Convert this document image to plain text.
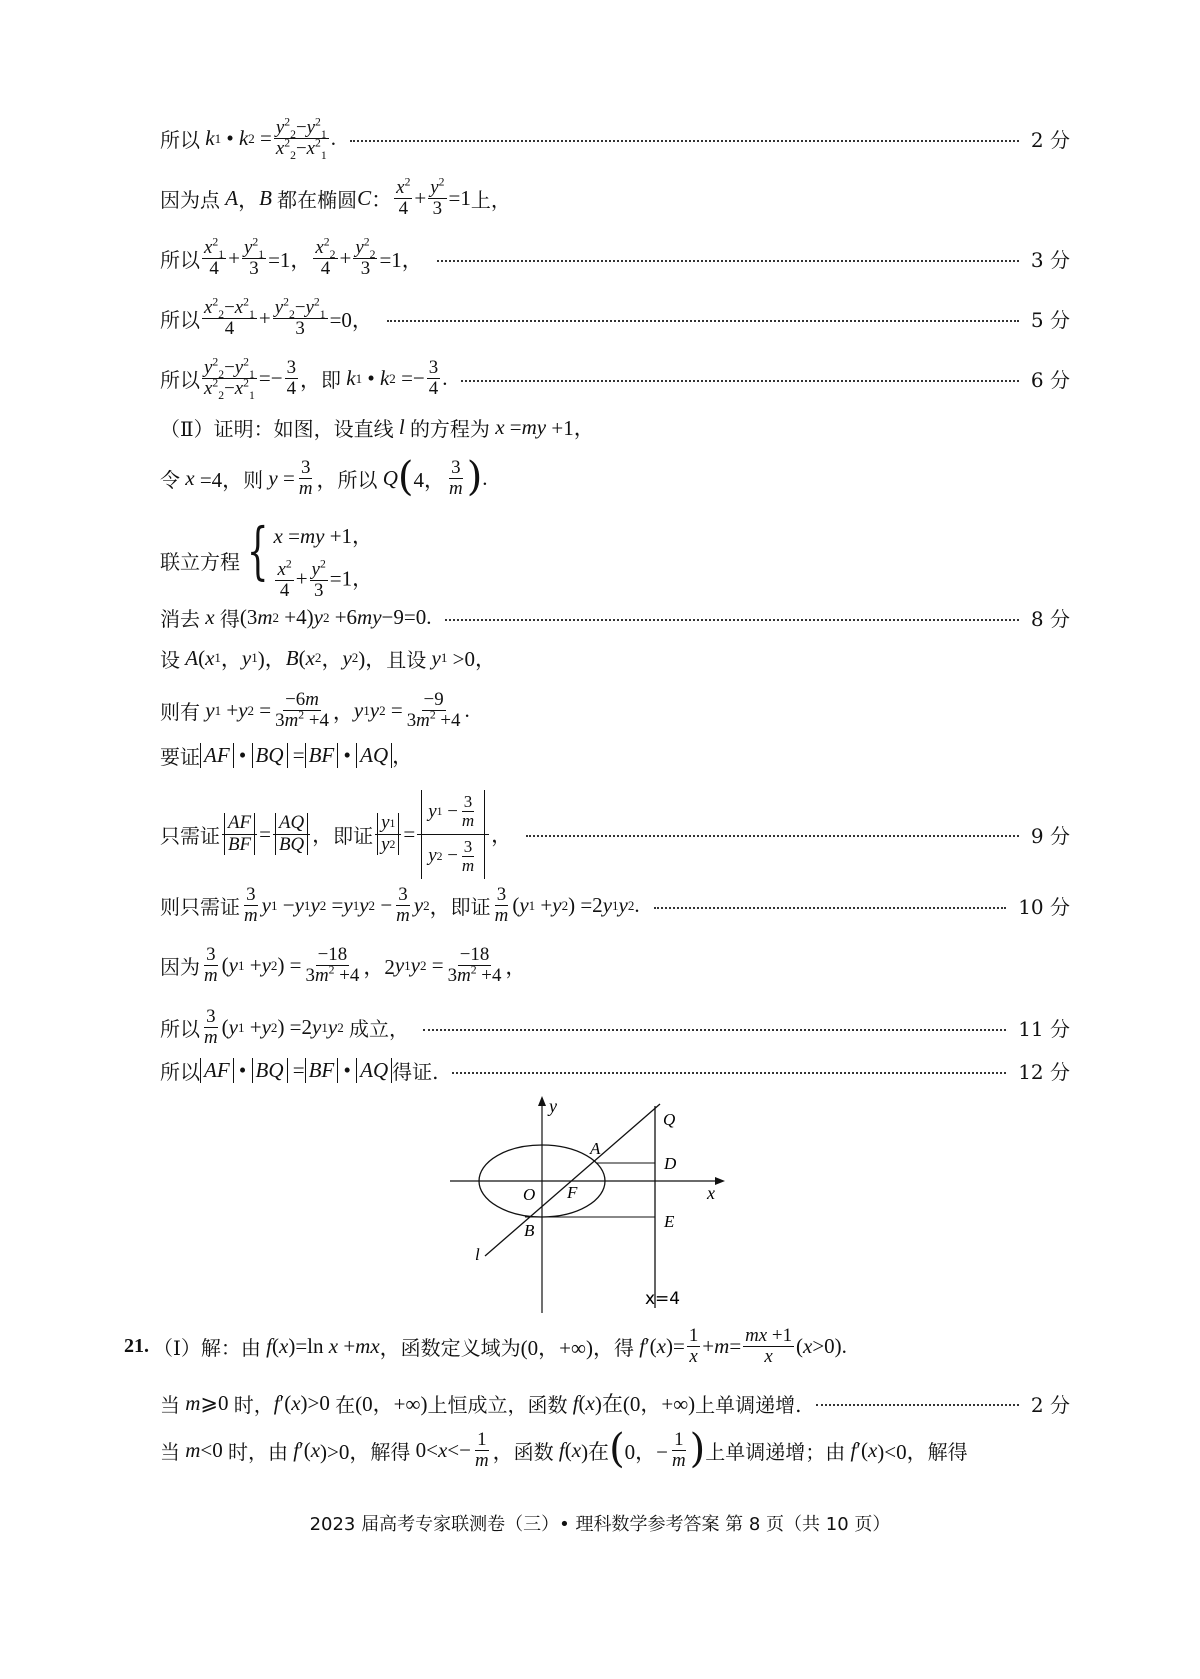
所以
k 1 • k $2 = \frac{y^2_2-y^2_1}{x^2_2-x^2_1}$ .	2 分
因为点
A ， B
都在椭圆 C ： $\frac{x^2}{4} + \frac{y^2}{3} =1$ 上，
所以 $\frac{x^2_1}{4} + \frac{y^2_1}{3} =1$， $\frac{x^2_2}{4} + \frac{y^2_2}{3} =1$，	3 分
所以 $\frac{x^2_2-x^2_1}{4} + \frac{y^2_2-y^2_1}{3} =0$，	5 分
所以 $\frac{y^2_2-y^2_1}{x^2_2-x^2_1} =- \frac{3}{4}$ ， 即
k 1 • k $2 =- \frac{3}{4}$ .	6 分
（Ⅱ）证明：如图，设直线
l
的方程为
x = my +1，
令
x =4， 则
$y = \frac{3}{m}$ ， 所以
Q ( 4， $\frac{3}{m}$ ) .
联立方程 { x =my +1，
$\frac{x^2}{4} + \frac{y^2}{3} =1$，
消去
x
得 (3 m 2 +4) y 2 +6 my −9=0.	8 分
设
A ( x 1 ， y 1 )， B ( x 2 ， y 2 )， 且设
y 1 >0，
则有
y 1 + y $2 = \frac{-6m}{3m^2 +4}$ ， y 1 y $2 = \frac{-9}{3m^2 +4}$ .
要证 AF • BQ = BF • AQ ，
只需证 $\frac{AF}{BF} = \frac{AQ}{BQ}$ ， 即证 $\frac{y 1}{y 2} = \frac{y 1 - \frac{3}{m}}{y 2 - \frac{3}{m}}$ ，	9 分
则只需证 $\frac{3}{m}$ y 1 − y 1 y 2 = y 1 y $2 - \frac{3}{m}$ y 2 ， 即证 $\frac{3}{m}$ ( y 1 + y 2 ) =2 y 1 y 2 .	10 分
因为 $\frac{3}{m}$ ( y 1 + y 2 ) = $\frac{-18}{3m^2 +4}$ ，2 y 1 y $2 = \frac{-18}{3m^2 +4}$ ，
所以 $\frac{3}{m}$ ( y 1 + y 2 ) =2 y 1 y 2
成立，	11 分
所以 AF • BQ = BF • AQ 得证.	12 分
y
x
Q
A
D
O F
B	E
l
x=4
21. （Ⅰ）解：由
f ( x )=ln x + mx ， 函数定义域为 (0，+∞)， 得
f ′( x )= $\frac{1}{x} + m = \frac{mx +1}{x}$ ( x >0).
当
m ⩾0 时， f ′( x )>0 在 (0，+∞) 上恒成立，函数
f ( x )在(0，+∞) 上单调递增.	2 分
当
m <0 时，由
f ′( x )>0， 解得 $0< x <- \frac{1}{m}$ ， 函数
f ( x )在 ( 0，− $\frac{1}{m}$ ) 上单调递增；由
f ′( x )<0， 解得
2023 届高考专家联测卷（三）• 理科数学参考答案 第 8 页（共 10 页）
